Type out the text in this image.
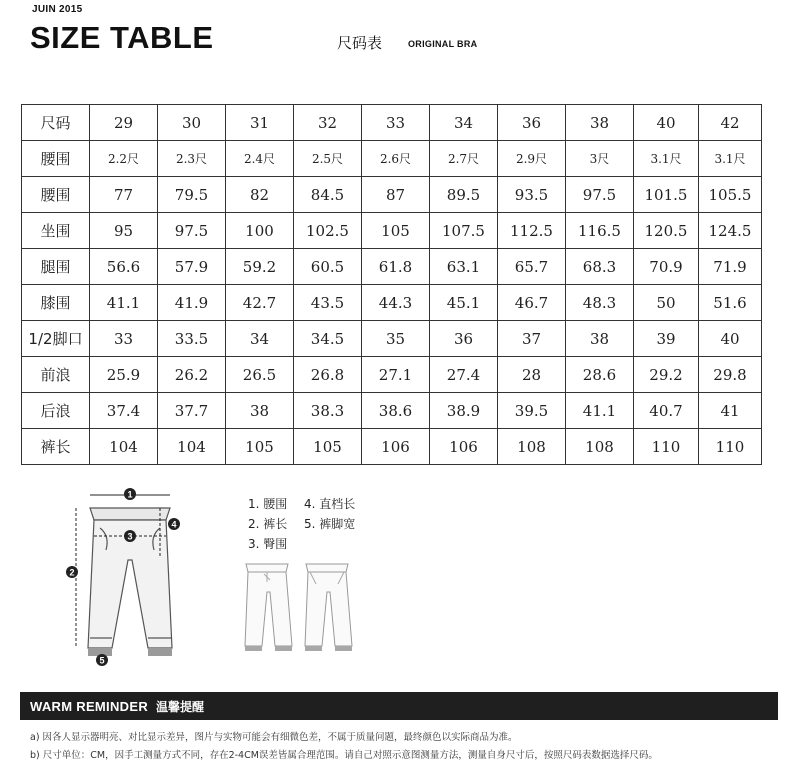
JUIN 2015
SIZE TABLE	尺码表	ORIGINAL BRA
尺码	29	30	31	32	33	34	36	38	40	42
腰围	2.2尺	2.3尺	2.4尺	2.5尺	2.6尺	2.7尺	2.9尺	3尺	3.1尺	3.1尺
腰围	77	79.5	82	84.5	87	89.5	93.5	97.5	101.5	105.5
坐围	95	97.5	100	102.5	105	107.5	112.5	116.5	120.5	124.5
腿围	56.6	57.9	59.2	60.5	61.8	63.1	65.7	68.3	70.9	71.9
膝围	41.1	41.9	42.7	43.5	44.3	45.1	46.7	48.3	50	51.6
1/2脚口	33	33.5	34	34.5	35	36	37	38	39	40
前浪	25.9	26.2	26.5	26.8	27.1	27.4	28	28.6	29.2	29.8
后浪	37.4	37.7	38	38.3	38.6	38.9	39.5	41.1	40.7	41
裤长	104	104	105	105	106	106	108	108	110	110
1
2
3
4
5
1. 腰围	4. 直档长
2. 裤长	5. 裤脚宽
3. 臀围
WARM REMINDER 温馨提醒
a) 因各人显示器明亮、对比显示差异，图片与实物可能会有细微色差，不属于质量问题，最终颜色以实际商品为准。
b) 尺寸单位：CM，因手工测量方式不同，存在2-4CM误差皆属合理范围。请自己对照示意图测量方法，测量自身尺寸后，按照尺码表数据选择尺码。
